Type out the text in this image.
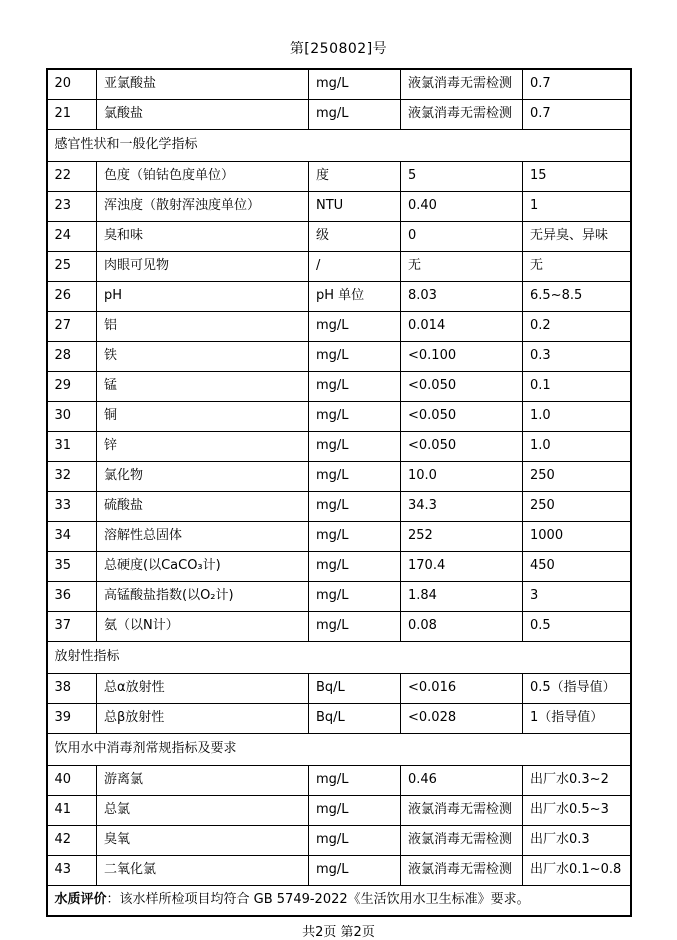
第[250802]号
20	亚氯酸盐	mg/L	液氯消毒无需检测	0.7
21	氯酸盐	mg/L	液氯消毒无需检测	0.7
感官性状和一般化学指标				
22	色度（铂钴色度单位）	度	5	15
23	浑浊度（散射浑浊度单位）	NTU	0.40	1
24	臭和味	级	0	无异臭、异味
25	肉眼可见物	/	无	无
26	pH	pH 单位	8.03	6.5~8.5
27	铝	mg/L	0.014	0.2
28	铁	mg/L	<0.100	0.3
29	锰	mg/L	<0.050	0.1
30	铜	mg/L	<0.050	1.0
31	锌	mg/L	<0.050	1.0
32	氯化物	mg/L	10.0	250
33	硫酸盐	mg/L	34.3	250
34	溶解性总固体	mg/L	252	1000
35	总硬度(以CaCO₃计)	mg/L	170.4	450
36	高锰酸盐指数(以O₂计)	mg/L	1.84	3
37	氨（以N计）	mg/L	0.08	0.5
放射性指标				
38	总α放射性	Bq/L	<0.016	0.5（指导值）
39	总β放射性	Bq/L	<0.028	1（指导值）
饮用水中消毒剂常规指标及要求				
40	游离氯	mg/L	0.46	出厂水0.3~2
41	总氯	mg/L	液氯消毒无需检测	出厂水0.5~3
42	臭氧	mg/L	液氯消毒无需检测	出厂水0.3
43	二氧化氯	mg/L	液氯消毒无需检测	出厂水0.1~0.8
水质评价：该水样所检项目均符合 GB 5749-2022《生活饮用水卫生标准》要求。				
共2页 第2页
